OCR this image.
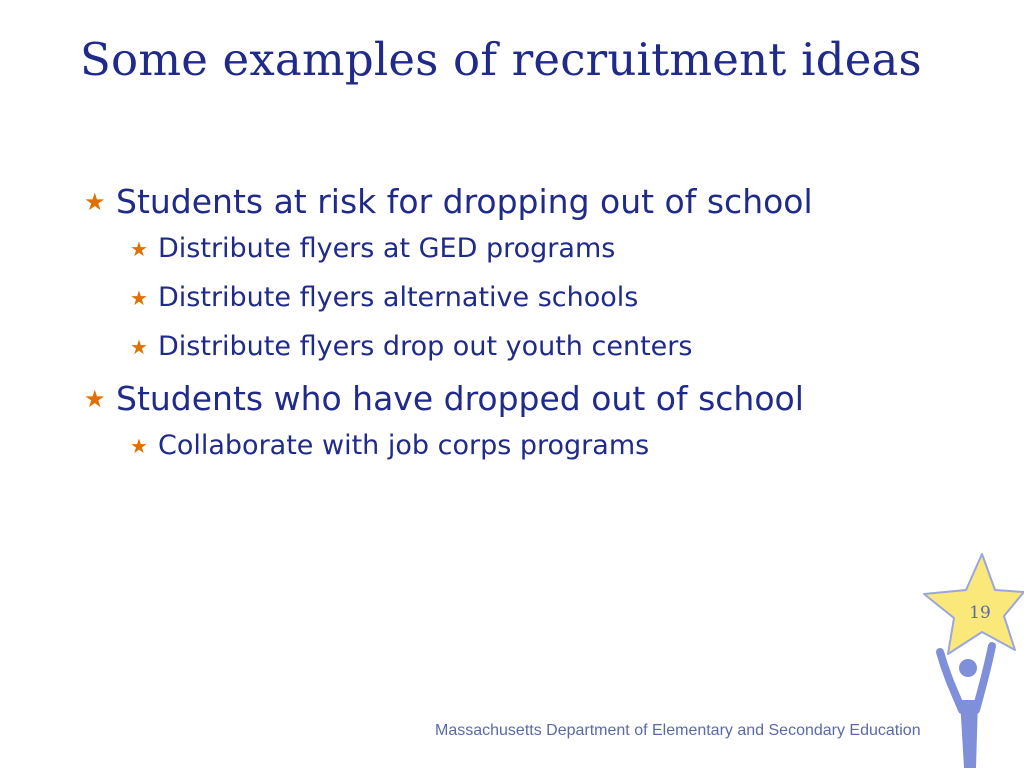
Some examples of recruitment ideas
★ Students at risk for dropping out of school
★ Distribute flyers at GED programs
★ Distribute flyers alternative schools
★ Distribute flyers drop out youth centers
★ Students who have dropped out of school
★ Collaborate with job corps programs
Massachusetts Department of Elementary and Secondary Education
19
